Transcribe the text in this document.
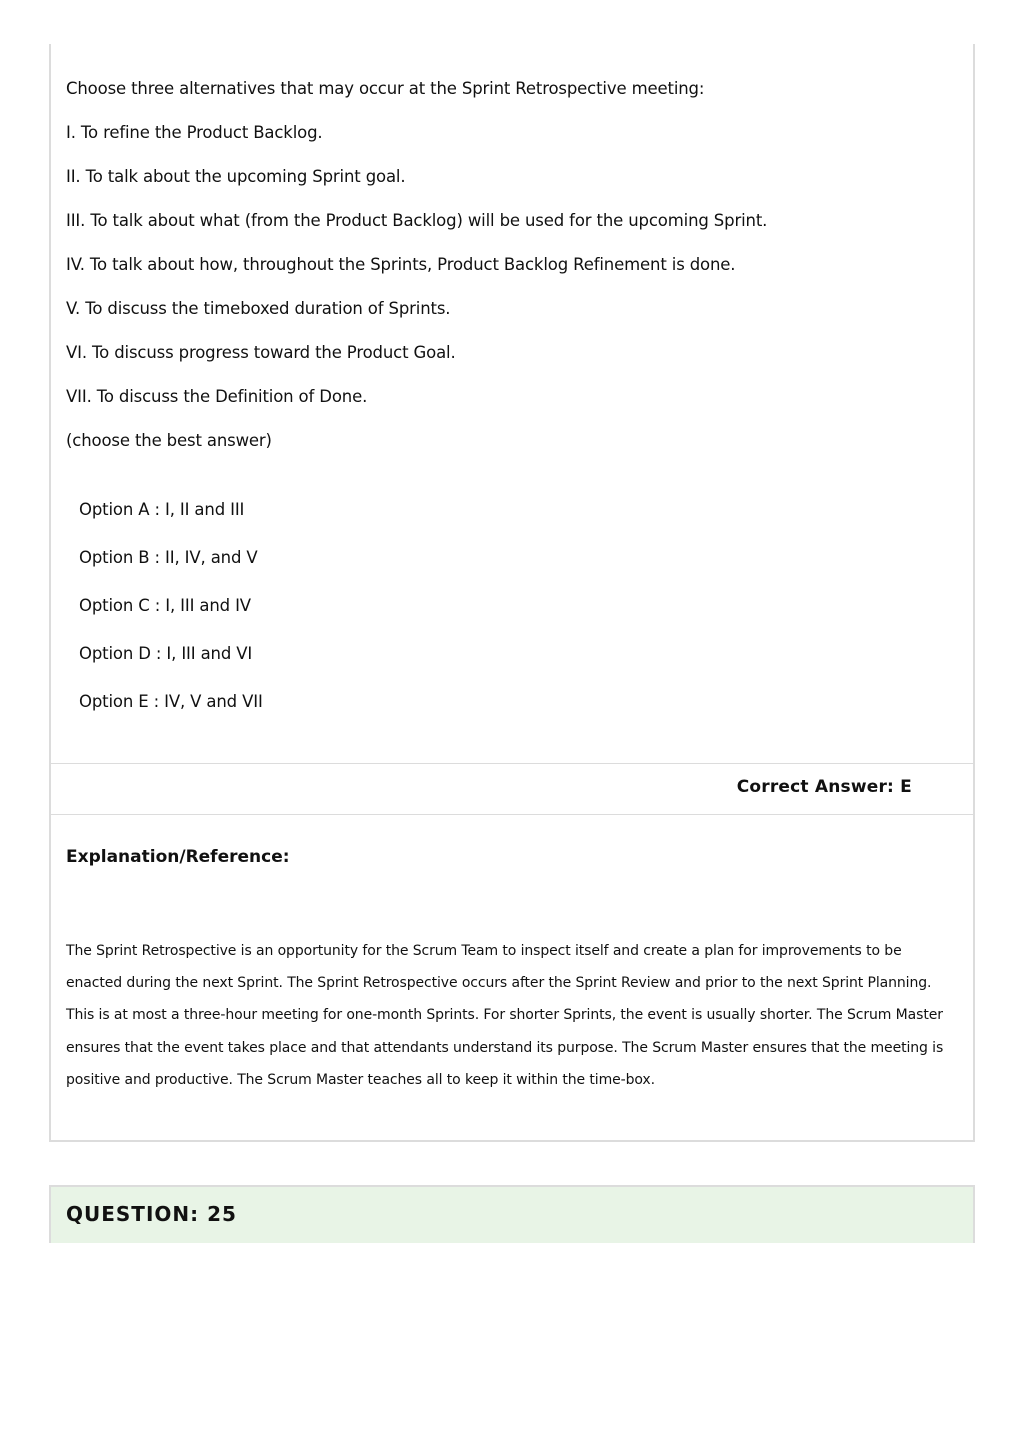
Choose three alternatives that may occur at the Sprint Retrospective meeting:
I. To refine the Product Backlog.
II. To talk about the upcoming Sprint goal.
III. To talk about what (from the Product Backlog) will be used for the upcoming Sprint.
IV. To talk about how, throughout the Sprints, Product Backlog Refinement is done.
V. To discuss the timeboxed duration of Sprints.
VI. To discuss progress toward the Product Goal.
VII. To discuss the Definition of Done.
(choose the best answer)
Option A : I, II and III
Option B : II, IV, and V
Option C : I, III and IV
Option D : I, III and VI
Option E : IV, V and VII
Correct Answer: E
Explanation/Reference:
The Sprint Retrospective is an opportunity for the Scrum Team to inspect itself and create a plan for improvements to be enacted during the next Sprint. The Sprint Retrospective occurs after the Sprint Review and prior to the next Sprint Planning. This is at most a three-hour meeting for one-month Sprints. For shorter Sprints, the event is usually shorter. The Scrum Master ensures that the event takes place and that attendants understand its purpose. The Scrum Master ensures that the meeting is positive and productive. The Scrum Master teaches all to keep it within the time-box.
QUESTION: 25
